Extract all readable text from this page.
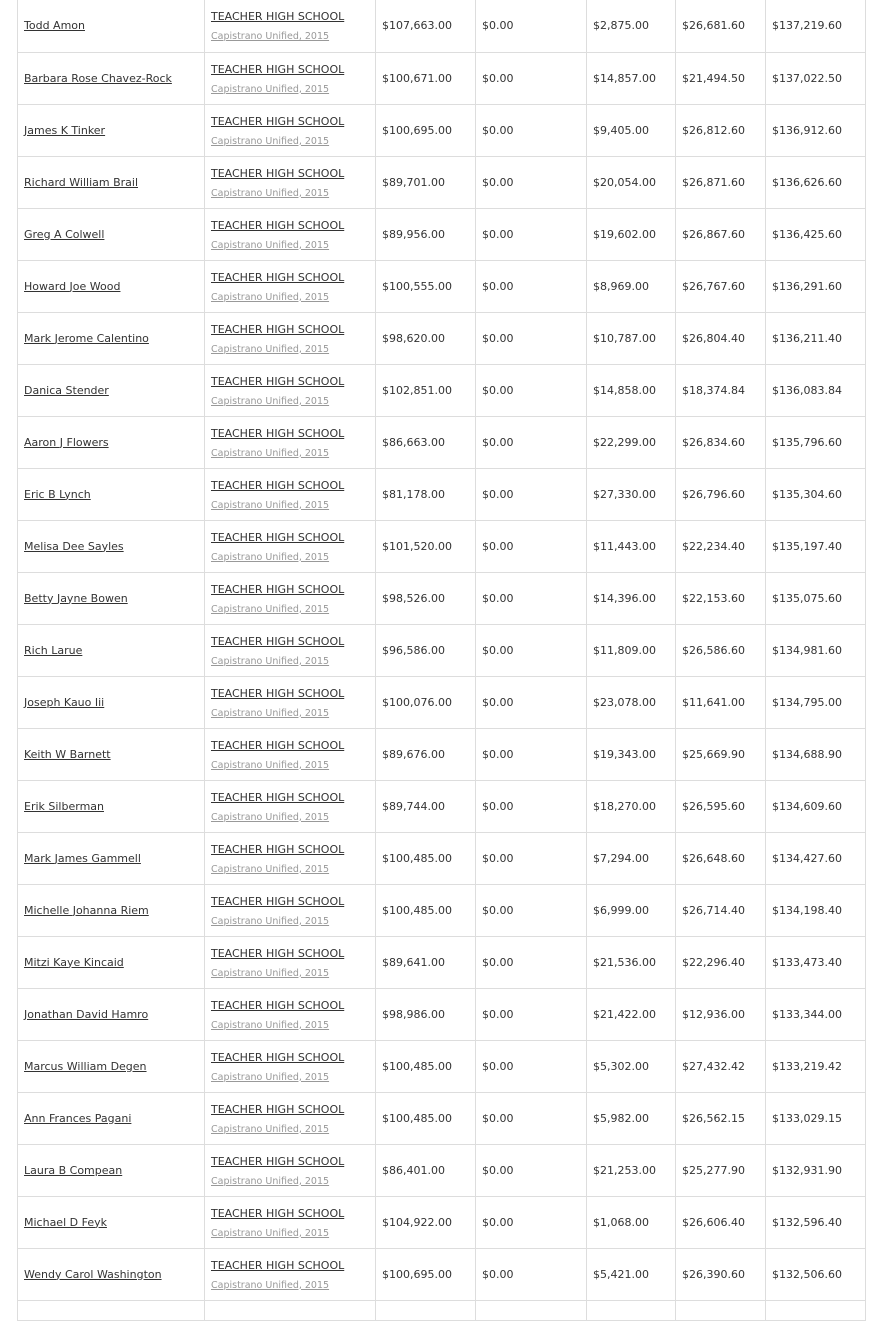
Todd Amon	TEACHER HIGH SCHOOL
Capistrano Unified, 2015	$107,663.00	$0.00	$2,875.00	$26,681.60	$137,219.60
Barbara Rose Chavez-Rock	TEACHER HIGH SCHOOL
Capistrano Unified, 2015	$100,671.00	$0.00	$14,857.00	$21,494.50	$137,022.50
James K Tinker	TEACHER HIGH SCHOOL
Capistrano Unified, 2015	$100,695.00	$0.00	$9,405.00	$26,812.60	$136,912.60
Richard William Brail	TEACHER HIGH SCHOOL
Capistrano Unified, 2015	$89,701.00	$0.00	$20,054.00	$26,871.60	$136,626.60
Greg A Colwell	TEACHER HIGH SCHOOL
Capistrano Unified, 2015	$89,956.00	$0.00	$19,602.00	$26,867.60	$136,425.60
Howard Joe Wood	TEACHER HIGH SCHOOL
Capistrano Unified, 2015	$100,555.00	$0.00	$8,969.00	$26,767.60	$136,291.60
Mark Jerome Calentino	TEACHER HIGH SCHOOL
Capistrano Unified, 2015	$98,620.00	$0.00	$10,787.00	$26,804.40	$136,211.40
Danica Stender	TEACHER HIGH SCHOOL
Capistrano Unified, 2015	$102,851.00	$0.00	$14,858.00	$18,374.84	$136,083.84
Aaron J Flowers	TEACHER HIGH SCHOOL
Capistrano Unified, 2015	$86,663.00	$0.00	$22,299.00	$26,834.60	$135,796.60
Eric B Lynch	TEACHER HIGH SCHOOL
Capistrano Unified, 2015	$81,178.00	$0.00	$27,330.00	$26,796.60	$135,304.60
Melisa Dee Sayles	TEACHER HIGH SCHOOL
Capistrano Unified, 2015	$101,520.00	$0.00	$11,443.00	$22,234.40	$135,197.40
Betty Jayne Bowen	TEACHER HIGH SCHOOL
Capistrano Unified, 2015	$98,526.00	$0.00	$14,396.00	$22,153.60	$135,075.60
Rich Larue	TEACHER HIGH SCHOOL
Capistrano Unified, 2015	$96,586.00	$0.00	$11,809.00	$26,586.60	$134,981.60
Joseph Kauo Iii	TEACHER HIGH SCHOOL
Capistrano Unified, 2015	$100,076.00	$0.00	$23,078.00	$11,641.00	$134,795.00
Keith W Barnett	TEACHER HIGH SCHOOL
Capistrano Unified, 2015	$89,676.00	$0.00	$19,343.00	$25,669.90	$134,688.90
Erik Silberman	TEACHER HIGH SCHOOL
Capistrano Unified, 2015	$89,744.00	$0.00	$18,270.00	$26,595.60	$134,609.60
Mark James Gammell	TEACHER HIGH SCHOOL
Capistrano Unified, 2015	$100,485.00	$0.00	$7,294.00	$26,648.60	$134,427.60
Michelle Johanna Riem	TEACHER HIGH SCHOOL
Capistrano Unified, 2015	$100,485.00	$0.00	$6,999.00	$26,714.40	$134,198.40
Mitzi Kaye Kincaid	TEACHER HIGH SCHOOL
Capistrano Unified, 2015	$89,641.00	$0.00	$21,536.00	$22,296.40	$133,473.40
Jonathan David Hamro	TEACHER HIGH SCHOOL
Capistrano Unified, 2015	$98,986.00	$0.00	$21,422.00	$12,936.00	$133,344.00
Marcus William Degen	TEACHER HIGH SCHOOL
Capistrano Unified, 2015	$100,485.00	$0.00	$5,302.00	$27,432.42	$133,219.42
Ann Frances Pagani	TEACHER HIGH SCHOOL
Capistrano Unified, 2015	$100,485.00	$0.00	$5,982.00	$26,562.15	$133,029.15
Laura B Compean	TEACHER HIGH SCHOOL
Capistrano Unified, 2015	$86,401.00	$0.00	$21,253.00	$25,277.90	$132,931.90
Michael D Feyk	TEACHER HIGH SCHOOL
Capistrano Unified, 2015	$104,922.00	$0.00	$1,068.00	$26,606.40	$132,596.40
Wendy Carol Washington	TEACHER HIGH SCHOOL
Capistrano Unified, 2015	$100,695.00	$0.00	$5,421.00	$26,390.60	$132,506.60
